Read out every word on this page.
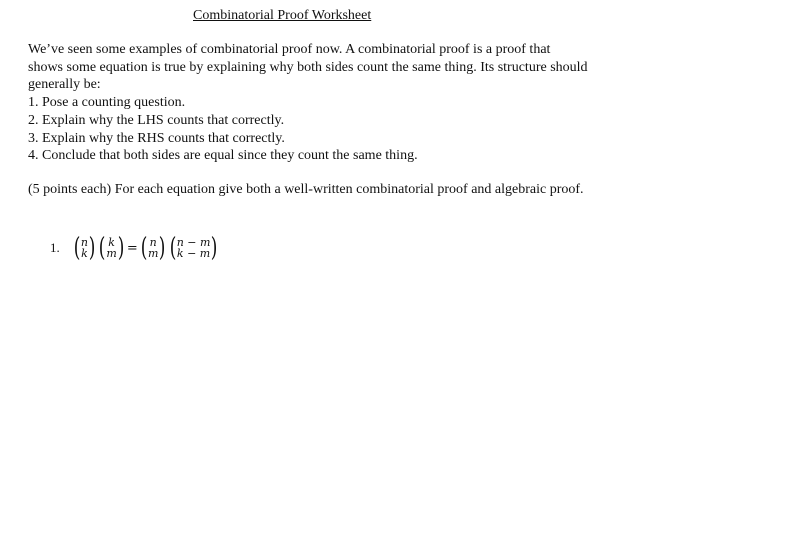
Combinatorial Proof Worksheet
We’ve seen some examples of combinatorial proof now. A combinatorial proof is a proof that shows some equation is true by explaining why both sides count the same thing. Its structure should generally be:
1. Pose a counting question.
2. Explain why the LHS counts that correctly.
3. Explain why the RHS counts that correctly.
4. Conclude that both sides are equal since they count the same thing.
(5 points each) For each equation give both a well-written combinatorial proof and algebraic proof.
1. ( n
k ) ( k
m ) = ( n
m ) ( n − m
k − m )
